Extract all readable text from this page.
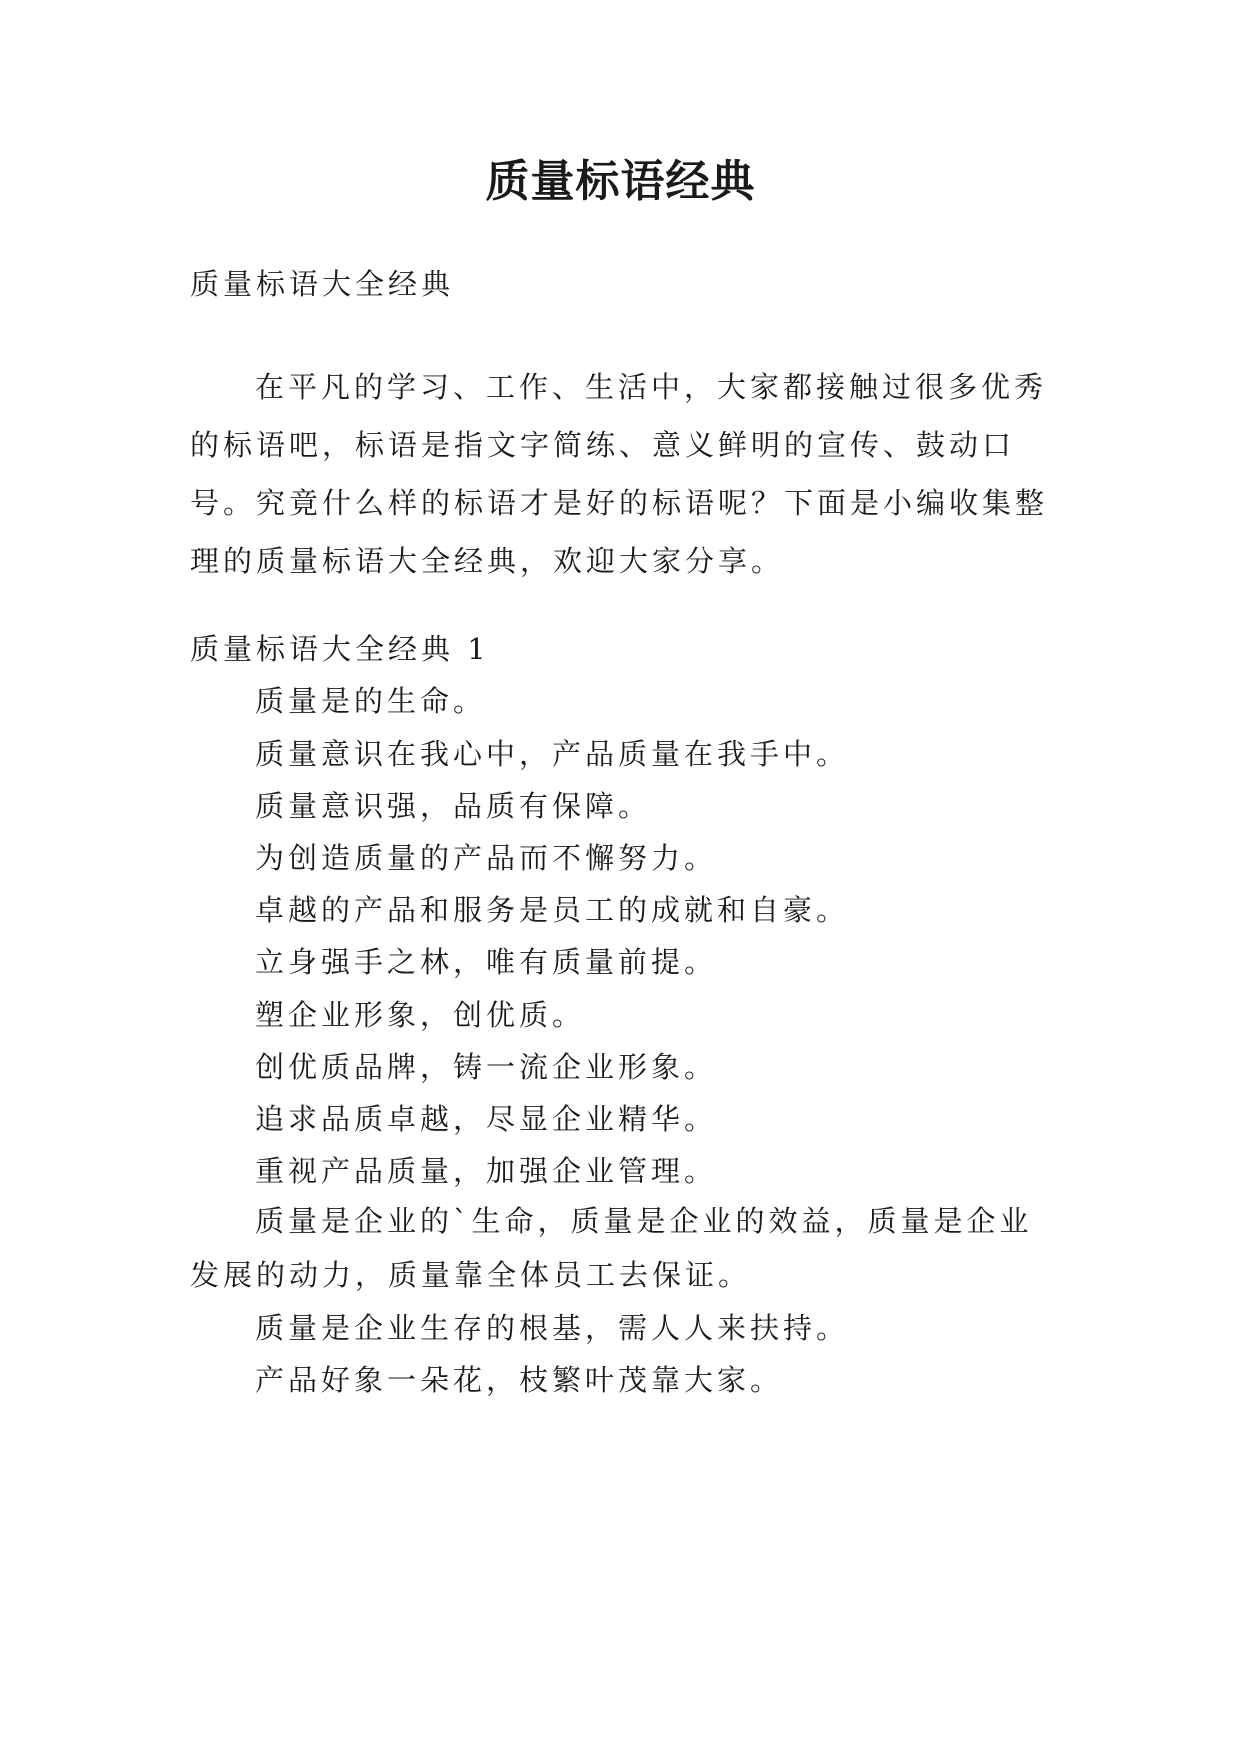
质量标语经典

质量标语大全经典

在平凡的学习、工作、生活中，大家都接触过很多优秀的标语吧，标语是指文字简练、意义鲜明的宣传、鼓动口号。究竟什么样的标语才是好的标语呢？下面是小编收集整理的质量标语大全经典，欢迎大家分享。

质量标语大全经典 1

质量是的生命。

质量意识在我心中，产品质量在我手中。

质量意识强，品质有保障。

为创造质量的产品而不懈努力。

卓越的产品和服务是员工的成就和自豪。

立身强手之林，唯有质量前提。

塑企业形象，创优质。

创优质品牌，铸一流企业形象。

追求品质卓越，尽显企业精华。

重视产品质量，加强企业管理。

质量是企业的`生命，质量是企业的效益，质量是企业发展的动力，质量靠全体员工去保证。

质量是企业生存的根基，需人人来扶持。

产品好象一朵花，枝繁叶茂靠大家。
